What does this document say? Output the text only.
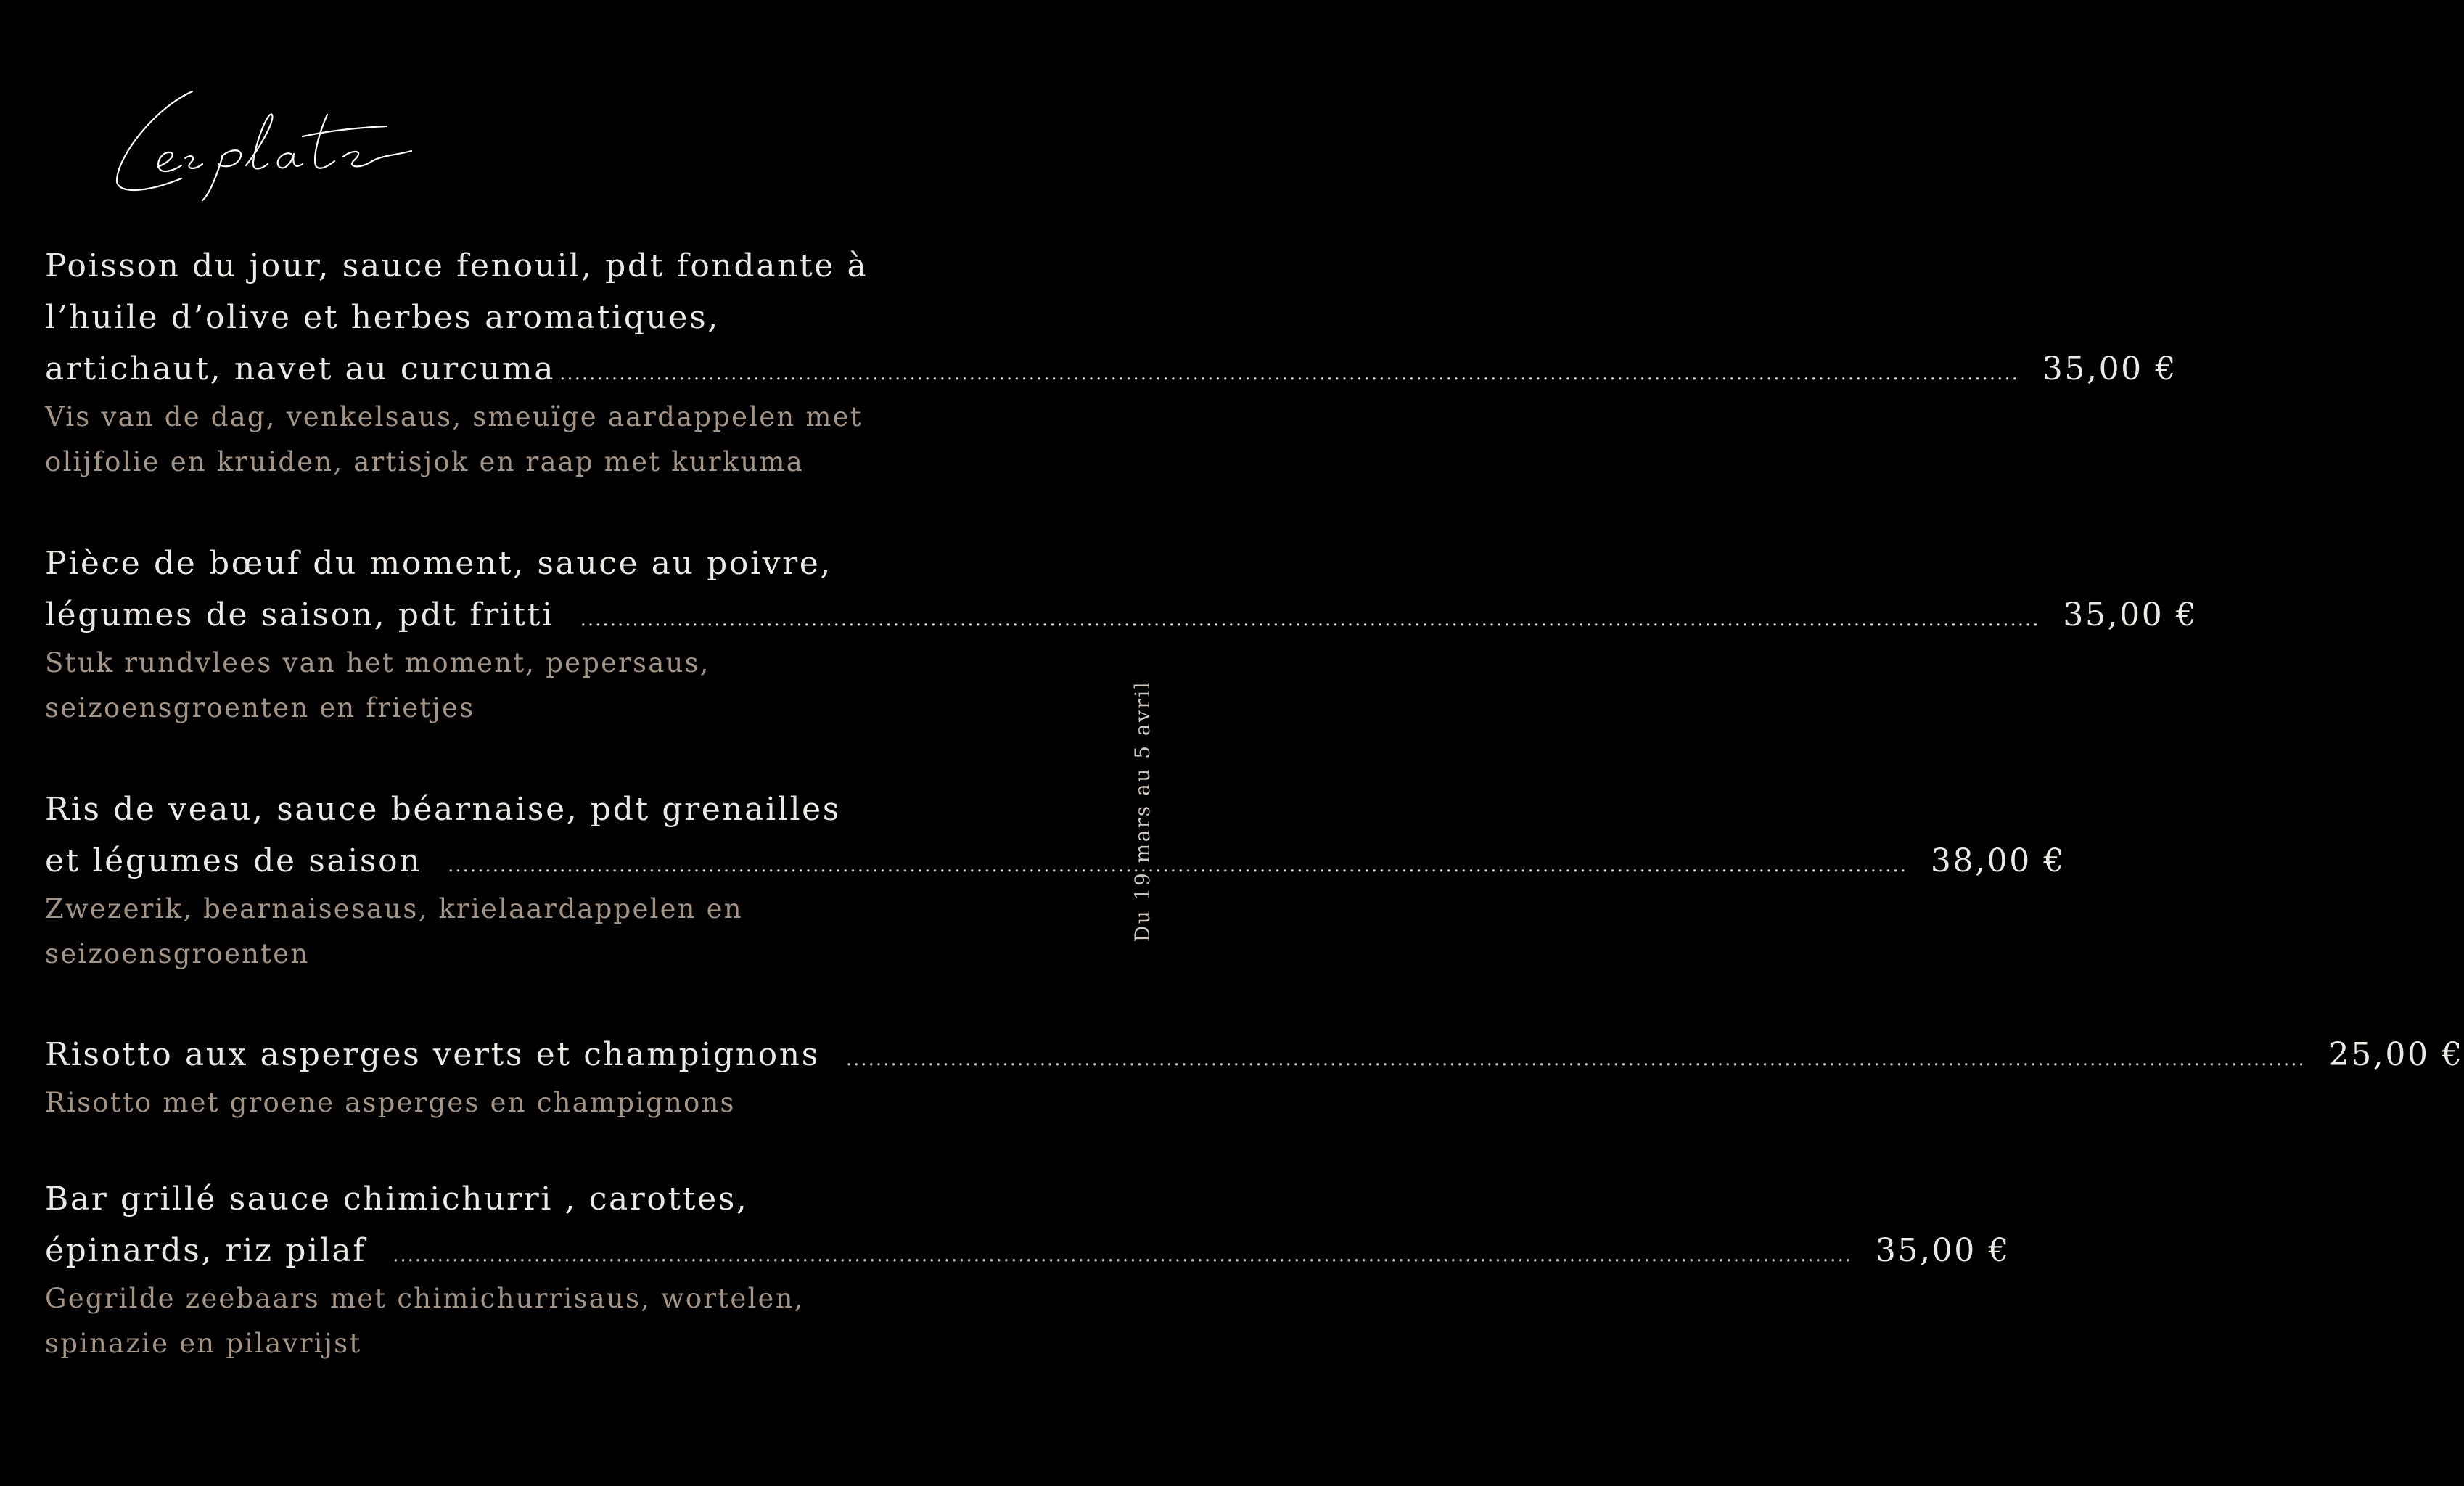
Du 19 mars au 5 avril
Poisson du jour, sauce fenouil, pdt fondante à
l’huile d’olive et herbes aromatiques,
artichaut, navet au curcuma .................................................................................................................................................................................................... 35,00 €
Vis van de dag, venkelsaus, smeuïge aardappelen met
olijfolie en kruiden, artisjok en raap met kurkuma
Pièce de bœuf du moment, sauce au poivre,
légumes de saison, pdt fritti .................................................................................................................................................................................................... 35,00 €
Stuk rundvlees van het moment, pepersaus,
seizoensgroenten en frietjes
Ris de veau, sauce béarnaise, pdt grenailles
et légumes de saison .................................................................................................................................................................................................... 38,00 €
Zwezerik, bearnaisesaus, krielaardappelen en
seizoensgroenten
Risotto aux asperges verts et champignons .................................................................................................................................................................................................... 25,00 €
Risotto met groene asperges en champignons
Bar grillé sauce chimichurri , carottes,
épinards, riz pilaf .................................................................................................................................................................................................... 35,00 €
Gegrilde zeebaars met chimichurrisaus, wortelen,
spinazie en pilavrijst
